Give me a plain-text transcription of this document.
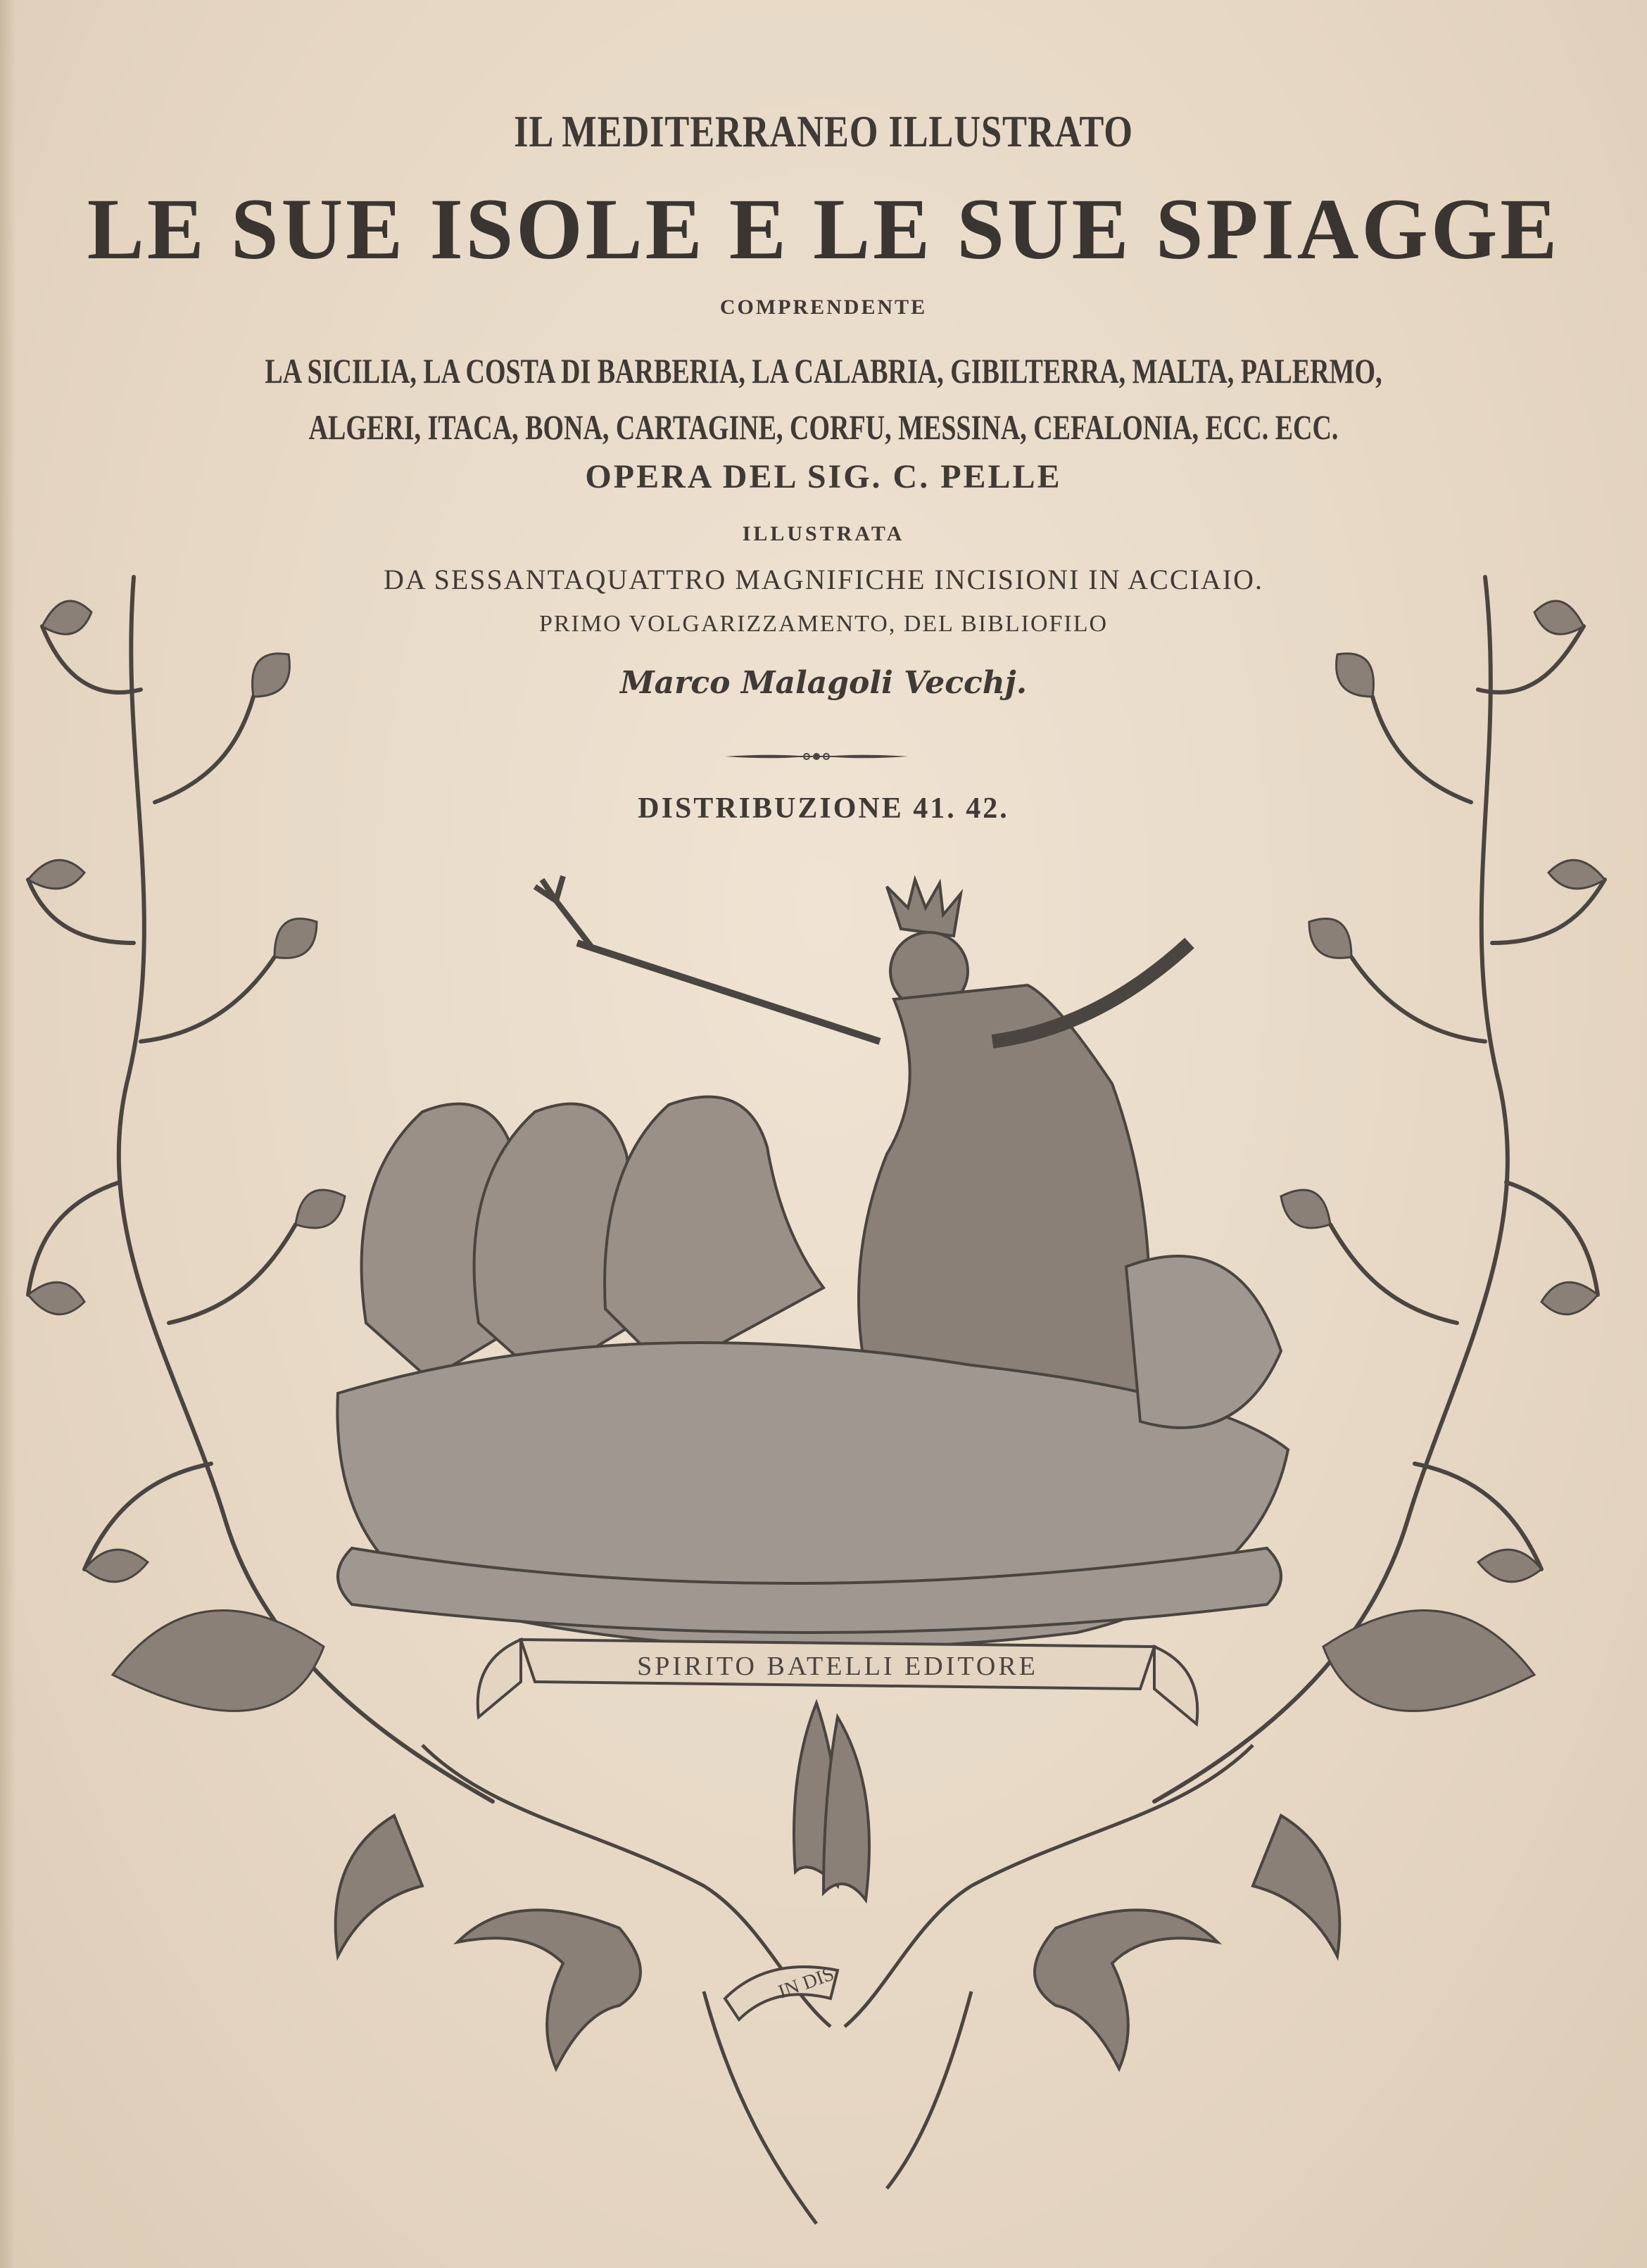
IL MEDITERRANEO ILLUSTRATO
LE SUE ISOLE E LE SUE SPIAGGE
COMPRENDENTE
LA SICILIA, LA COSTA DI BARBERIA, LA CALABRIA, GIBILTERRA, MALTA, PALERMO,
ALGERI, ITACA, BONA, CARTAGINE, CORFU, MESSINA, CEFALONIA, ECC. ECC.
OPERA DEL SIG. C. PELLE
ILLUSTRATA
DA SESSANTAQUATTRO MAGNIFICHE INCISIONI IN ACCIAIO.
PRIMO VOLGARIZZAMENTO, DEL BIBLIOFILO
Marco Malagoli Vecchj.
DISTRIBUZIONE 41. 42.
SPIRITO BATELLI EDITORE
IN DIS
